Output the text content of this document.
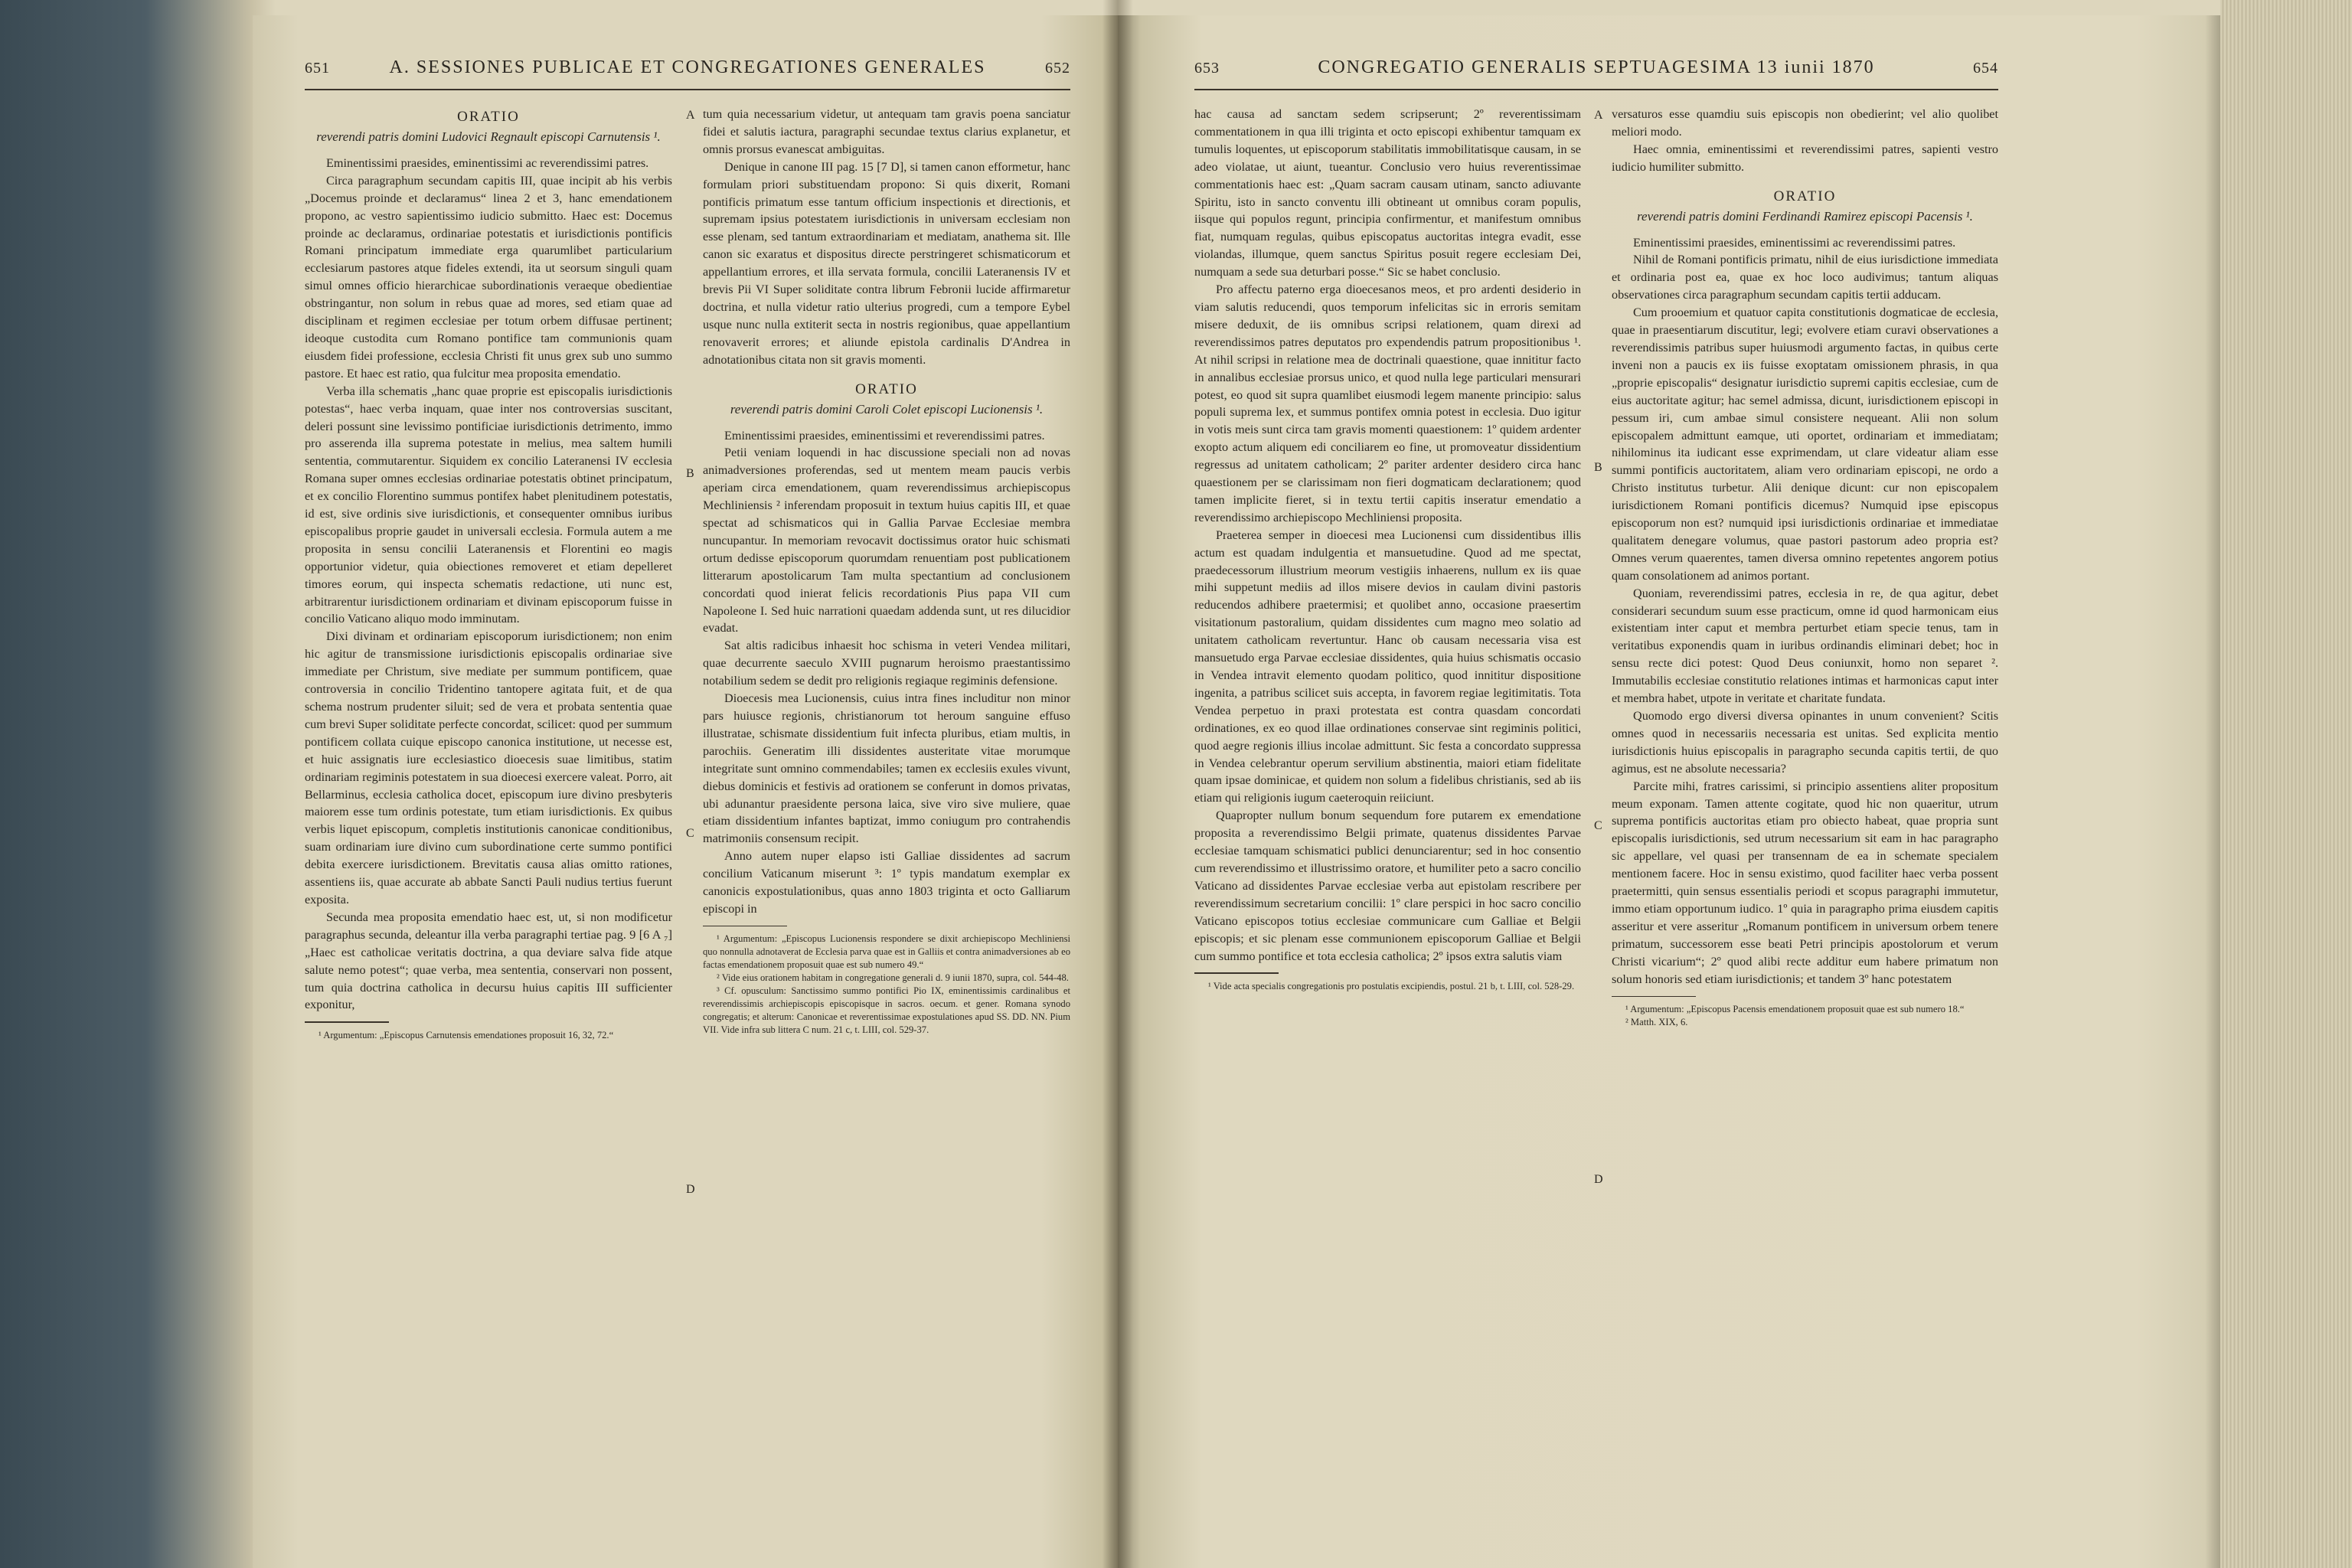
651	A. SESSIONES PUBLICAE ET CONGREGATIONES GENERALES	652
ORATIO
reverendi patris domini Ludovici Regnault episcopi Carnutensis ¹.

Eminentissimi praesides, eminentissimi ac reverendissimi patres.

Circa paragraphum secundam capitis III, quae incipit ab his verbis „Docemus proinde et declaramus“ linea 2 et 3, hanc emendationem propono, ac vestro sapientissimo iudicio submitto. Haec est: Docemus proinde ac declaramus, ordinariae potestatis et iurisdictionis pontificis Romani principatum immediate erga quarumlibet particularium ecclesiarum pastores atque fideles extendi, ita ut seorsum singuli quam simul omnes officio hierarchicae subordinationis veraeque obedientiae obstringantur, non solum in rebus quae ad mores, sed etiam quae ad disciplinam et regimen ecclesiae per totum orbem diffusae pertinent; ideoque custodita cum Romano pontifice tam communionis quam eiusdem fidei professione, ecclesia Christi fit unus grex sub uno summo pastore. Et haec est ratio, qua fulcitur mea proposita emendatio.

Verba illa schematis „hanc quae proprie est episcopalis iurisdictionis potestas“, haec verba inquam, quae inter nos controversias suscitant, deleri possunt sine levissimo pontificiae iurisdictionis detrimento, immo pro asserenda illa suprema potestate in melius, mea saltem humili sententia, commutarentur. Siquidem ex concilio Lateranensi IV ecclesia Romana super omnes ecclesias ordinariae potestatis obtinet principatum, et ex concilio Florentino summus pontifex habet plenitudinem potestatis, id est, sive ordinis sive iurisdictionis, et consequenter omnibus iuribus episcopalibus proprie gaudet in universali ecclesia. Formula autem a me proposita in sensu concilii Lateranensis et Florentini eo magis opportunior videtur, quia obiectiones removeret et etiam depelleret timores eorum, qui inspecta schematis redactione, uti nunc est, arbitrarentur iurisdictionem ordinariam et divinam episcoporum fuisse in concilio Vaticano aliquo modo imminutam.

Dixi divinam et ordinariam episcoporum iurisdictionem; non enim hic agitur de transmissione iurisdictionis episcopalis ordinariae sive immediate per Christum, sive mediate per summum pontificem, quae controversia in concilio Tridentino tantopere agitata fuit, et de qua schema nostrum prudenter siluit; sed de vera et probata sententia quae cum brevi Super soliditate perfecte concordat, scilicet: quod per summum pontificem collata cuique episcopo canonica institutione, ut necesse est, et huic assignatis iure ecclesiastico dioecesis suae limitibus, statim ordinariam regiminis potestatem in sua dioecesi exercere valeat. Porro, ait Bellarminus, ecclesia catholica docet, episcopum iure divino presbyteris maiorem esse tum ordinis potestate, tum etiam iurisdictionis. Ex quibus verbis liquet episcopum, completis institutionis canonicae conditionibus, suam ordinariam iure divino cum subordinatione certe summo pontifici debita exercere iurisdictionem. Brevitatis causa alias omitto rationes, assentiens iis, quae accurate ab abbate Sancti Pauli nudius tertius fuerunt exposita.

Secunda mea proposita emendatio haec est, ut, si non modificetur paragraphus secunda, deleantur illa verba paragraphi tertiae pag. 9 [6 A ₇] „Haec est catholicae veritatis doctrina, a qua deviare salva fide atque salute nemo potest“; quae verba, mea sententia, conservari non possent, tum quia doctrina catholica in decursu huius capitis III sufficienter exponitur,

¹ Argumentum: „Episcopus Carnutensis emendationes proposuit 16, 32, 72.“

A
B
C
D

tum quia necessarium videtur, ut antequam tam gravis poena sanciatur fidei et salutis iactura, paragraphi secundae textus clarius explanetur, et omnis prorsus evanescat ambiguitas.

Denique in canone III pag. 15 [7 D], si tamen canon efformetur, hanc formulam priori substituendam propono: Si quis dixerit, Romani pontificis primatum esse tantum officium inspectionis et directionis, et supremam ipsius potestatem iurisdictionis in universam ecclesiam non esse plenam, sed tantum extraordinariam et mediatam, anathema sit. Ille canon sic exaratus et dispositus directe perstringeret schismaticorum et appellantium errores, et illa servata formula, concilii Lateranensis IV et brevis Pii VI Super soliditate contra librum Febronii lucide affirmaretur doctrina, et nulla videtur ratio ulterius progredi, cum a tempore Eybel usque nunc nulla extiterit secta in nostris regionibus, quae appellantium renovaverit errores; et aliunde epistola cardinalis D'Andrea in adnotationibus citata non sit gravis momenti.

ORATIO
reverendi patris domini Caroli Colet episcopi Lucionensis ¹.

Eminentissimi praesides, eminentissimi et reverendissimi patres.

Petii veniam loquendi in hac discussione speciali non ad novas animadversiones proferendas, sed ut mentem meam paucis verbis aperiam circa emendationem, quam reverendissimus archiepiscopus Mechliniensis ² inferendam proposuit in textum huius capitis III, et quae spectat ad schismaticos qui in Gallia Parvae Ecclesiae membra nuncupantur. In memoriam revocavit doctissimus orator huic schismati ortum dedisse episcoporum quorumdam renuentiam post publicationem litterarum apostolicarum Tam multa spectantium ad conclusionem concordati quod inierat felicis recordationis Pius papa VII cum Napoleone I. Sed huic narrationi quaedam addenda sunt, ut res dilucidior evadat.

Sat altis radicibus inhaesit hoc schisma in veteri Vendea militari, quae decurrente saeculo XVIII pugnarum heroismo praestantissimo notabilium sedem se dedit pro religionis regiaque regiminis defensione.

Dioecesis mea Lucionensis, cuius intra fines includitur non minor pars huiusce regionis, christianorum tot heroum sanguine effuso illustratae, schismate dissidentium fuit infecta pluribus, etiam multis, in parochiis. Generatim illi dissidentes austeritate vitae morumque integritate sunt omnino commendabiles; tamen ex ecclesiis exules vivunt, diebus dominicis et festivis ad orationem se conferunt in domos privatas, ubi adunantur praesidente persona laica, sive viro sive muliere, quae etiam dissidentium infantes baptizat, immo coniugum pro contrahendis matrimoniis consensum recipit.

Anno autem nuper elapso isti Galliae dissidentes ad sacrum concilium Vaticanum miserunt ³: 1º typis mandatum exemplar ex canonicis expostulationibus, quas anno 1803 triginta et octo Galliarum episcopi in

¹ Argumentum: „Episcopus Lucionensis respondere se dixit archiepiscopo Mechliniensi quo nonnulla adnotaverat de Ecclesia parva quae est in Galliis et contra animadversiones ab eo factas emendationem proposuit quae est sub numero 49.“

² Vide eius orationem habitam in congregatione generali d. 9 iunii 1870, supra, col. 544-48.

³ Cf. opusculum: Sanctissimo summo pontifici Pio IX, eminentissimis cardinalibus et reverendissimis archiepiscopis episcopisque in sacros. oecum. et gener. Romana synodo congregatis; et alterum: Canonicae et reverentissimae expostulationes apud SS. DD. NN. Pium VII. Vide infra sub littera C num. 21 c, t. LIII, col. 529-37.

653	CONGREGATIO GENERALIS SEPTUAGESIMA 13 iunii 1870	654

hac causa ad sanctam sedem scripserunt; 2º reverentissimam commentationem in qua illi triginta et octo episcopi exhibentur tamquam ex tumulis loquentes, ut episcoporum stabilitatis immobilitatisque causam, in se adeo violatae, ut aiunt, tueantur. Conclusio vero huius reverentissimae commentationis haec est: „Quam sacram causam utinam, sancto adiuvante Spiritu, isto in sancto conventu illi obtineant ut omnibus coram populis, iisque qui populos regunt, principia confirmentur, et manifestum omnibus fiat, numquam regulas, quibus episcopatus auctoritas integra evadit, esse violandas, illumque, quem sanctus Spiritus posuit regere ecclesiam Dei, numquam a sede sua deturbari posse.“ Sic se habet conclusio.

Pro affectu paterno erga dioecesanos meos, et pro ardenti desiderio in viam salutis reducendi, quos temporum infelicitas sic in erroris semitam misere deduxit, de iis omnibus scripsi relationem, quam direxi ad reverendissimos patres deputatos pro expendendis patrum propositionibus ¹. At nihil scripsi in relatione mea de doctrinali quaestione, quae innititur facto in annalibus ecclesiae prorsus unico, et quod nulla lege particulari mensurari potest, eo quod sit supra quamlibet eiusmodi legem manente principio: salus populi suprema lex, et summus pontifex omnia potest in ecclesia. Duo igitur in votis meis sunt circa tam gravis momenti quaestionem: 1º quidem ardenter exopto actum aliquem edi conciliarem eo fine, ut promoveatur dissidentium regressus ad unitatem catholicam; 2º pariter ardenter desidero circa hanc quaestionem per se clarissimam non fieri dogmaticam declarationem; quod tamen implicite fieret, si in textu tertii capitis inseratur emendatio a reverendissimo archiepiscopo Mechliniensi proposita.

Praeterea semper in dioecesi mea Lucionensi cum dissidentibus illis actum est quadam indulgentia et mansuetudine. Quod ad me spectat, praedecessorum illustrium meorum vestigiis inhaerens, nullum ex iis quae mihi suppetunt mediis ad illos misere devios in caulam divini pastoris reducendos adhibere praetermisi; et quolibet anno, occasione praesertim visitationum pastoralium, quidam dissidentes cum magno meo solatio ad unitatem catholicam revertuntur. Hanc ob causam necessaria visa est mansuetudo erga Parvae ecclesiae dissidentes, quia huius schismatis occasio in Vendea intravit elemento quodam politico, quod innititur dispositione ingenita, a patribus scilicet suis accepta, in favorem regiae legitimitatis. Tota Vendea perpetuo in praxi protestata est contra quasdam concordati ordinationes, ex eo quod illae ordinationes conservae sint regiminis politici, quod aegre regionis illius incolae admittunt. Sic festa a concordato suppressa in Vendea celebrantur operum servilium abstinentia, maiori etiam fidelitate quam ipsae dominicae, et quidem non solum a fidelibus christianis, sed ab iis etiam qui religionis iugum caeteroquin reiiciunt.

Quapropter nullum bonum sequendum fore putarem ex emendatione proposita a reverendissimo Belgii primate, quatenus dissidentes Parvae ecclesiae tamquam schismatici publici denunciarentur; sed in hoc consentio cum reverendissimo et illustrissimo oratore, et humiliter peto a sacro concilio Vaticano ad dissidentes Parvae ecclesiae verba aut epistolam rescribere per reverendissimum secretarium concilii: 1º clare perspici in hoc sacro concilio Vaticano episcopos totius ecclesiae communicare cum Galliae et Belgii episcopis; et sic plenam esse communionem episcoporum Galliae et Belgii cum summo pontifice et tota ecclesia catholica; 2º ipsos extra salutis viam

¹ Vide acta specialis congregationis pro postulatis excipiendis, postul. 21 b, t. LIII, col. 528-29.

A
B
C
D

versaturos esse quamdiu suis episcopis non obedierint; vel alio quolibet meliori modo.

Haec omnia, eminentissimi et reverendissimi patres, sapienti vestro iudicio humiliter submitto.

ORATIO
reverendi patris domini Ferdinandi Ramirez episcopi Pacensis ¹.

Eminentissimi praesides, eminentissimi ac reverendissimi patres.

Nihil de Romani pontificis primatu, nihil de eius iurisdictione immediata et ordinaria post ea, quae ex hoc loco audivimus; tantum aliquas observationes circa paragraphum secundam capitis tertii adducam.

Cum prooemium et quatuor capita constitutionis dogmaticae de ecclesia, quae in praesentiarum discutitur, legi; evolvere etiam curavi observationes a reverendissimis patribus super huiusmodi argumento factas, in quibus certe inveni non a paucis ex iis fuisse exoptatam omissionem phrasis, in qua „proprie episcopalis“ designatur iurisdictio supremi capitis ecclesiae, cum de eius auctoritate agitur; hac semel admissa, dicunt, iurisdictionem episcopi in pessum iri, cum ambae simul consistere nequeant. Alii non solum episcopalem admittunt eamque, uti oportet, ordinariam et immediatam; nihilominus ita iudicant esse exprimendam, ut clare videatur aliam esse summi pontificis auctoritatem, aliam vero ordinariam episcopi, ne ordo a Christo institutus turbetur. Alii denique dicunt: cur non episcopalem iurisdictionem Romani pontificis dicemus? Numquid ipse episcopus episcoporum non est? numquid ipsi iurisdictionis ordinariae et immediatae qualitatem denegare volumus, quae pastori pastorum adeo propria est? Omnes verum quaerentes, tamen diversa omnino repetentes angorem potius quam consolationem ad animos portant.

Quoniam, reverendissimi patres, ecclesia in re, de qua agitur, debet considerari secundum suum esse practicum, omne id quod harmonicam eius existentiam inter caput et membra perturbet etiam specie tenus, tam in veritatibus exponendis quam in iuribus ordinandis eliminari debet; hoc in sensu recte dici potest: Quod Deus coniunxit, homo non separet ². Immutabilis ecclesiae constitutio relationes intimas et harmonicas caput inter et membra habet, utpote in veritate et charitate fundata.

Quomodo ergo diversi diversa opinantes in unum convenient? Scitis omnes quod in necessariis necessaria est unitas. Sed explicita mentio iurisdictionis huius episcopalis in paragrapho secunda capitis tertii, de quo agimus, est ne absolute necessaria?

Parcite mihi, fratres carissimi, si principio assentiens aliter propositum meum exponam. Tamen attente cogitate, quod hic non quaeritur, utrum suprema pontificis auctoritas etiam pro obiecto habeat, quae propria sunt episcopalis iurisdictionis, sed utrum necessarium sit eam in hac paragrapho sic appellare, vel quasi per transennam de ea in schemate specialem mentionem facere. Hoc in sensu existimo, quod faciliter haec verba possent praetermitti, quin sensus essentialis periodi et scopus paragraphi immutetur, immo etiam opportunum iudico. 1º quia in paragrapho prima eiusdem capitis asseritur et vere asseritur „Romanum pontificem in universum orbem tenere primatum, successorem esse beati Petri principis apostolorum et verum Christi vicarium“; 2º quod alibi recte additur eum habere primatum non solum honoris sed etiam iurisdictionis; et tandem 3º hanc potestatem

¹ Argumentum: „Episcopus Pacensis emendationem proposuit quae est sub numero 18.“

² Matth. XIX, 6.
